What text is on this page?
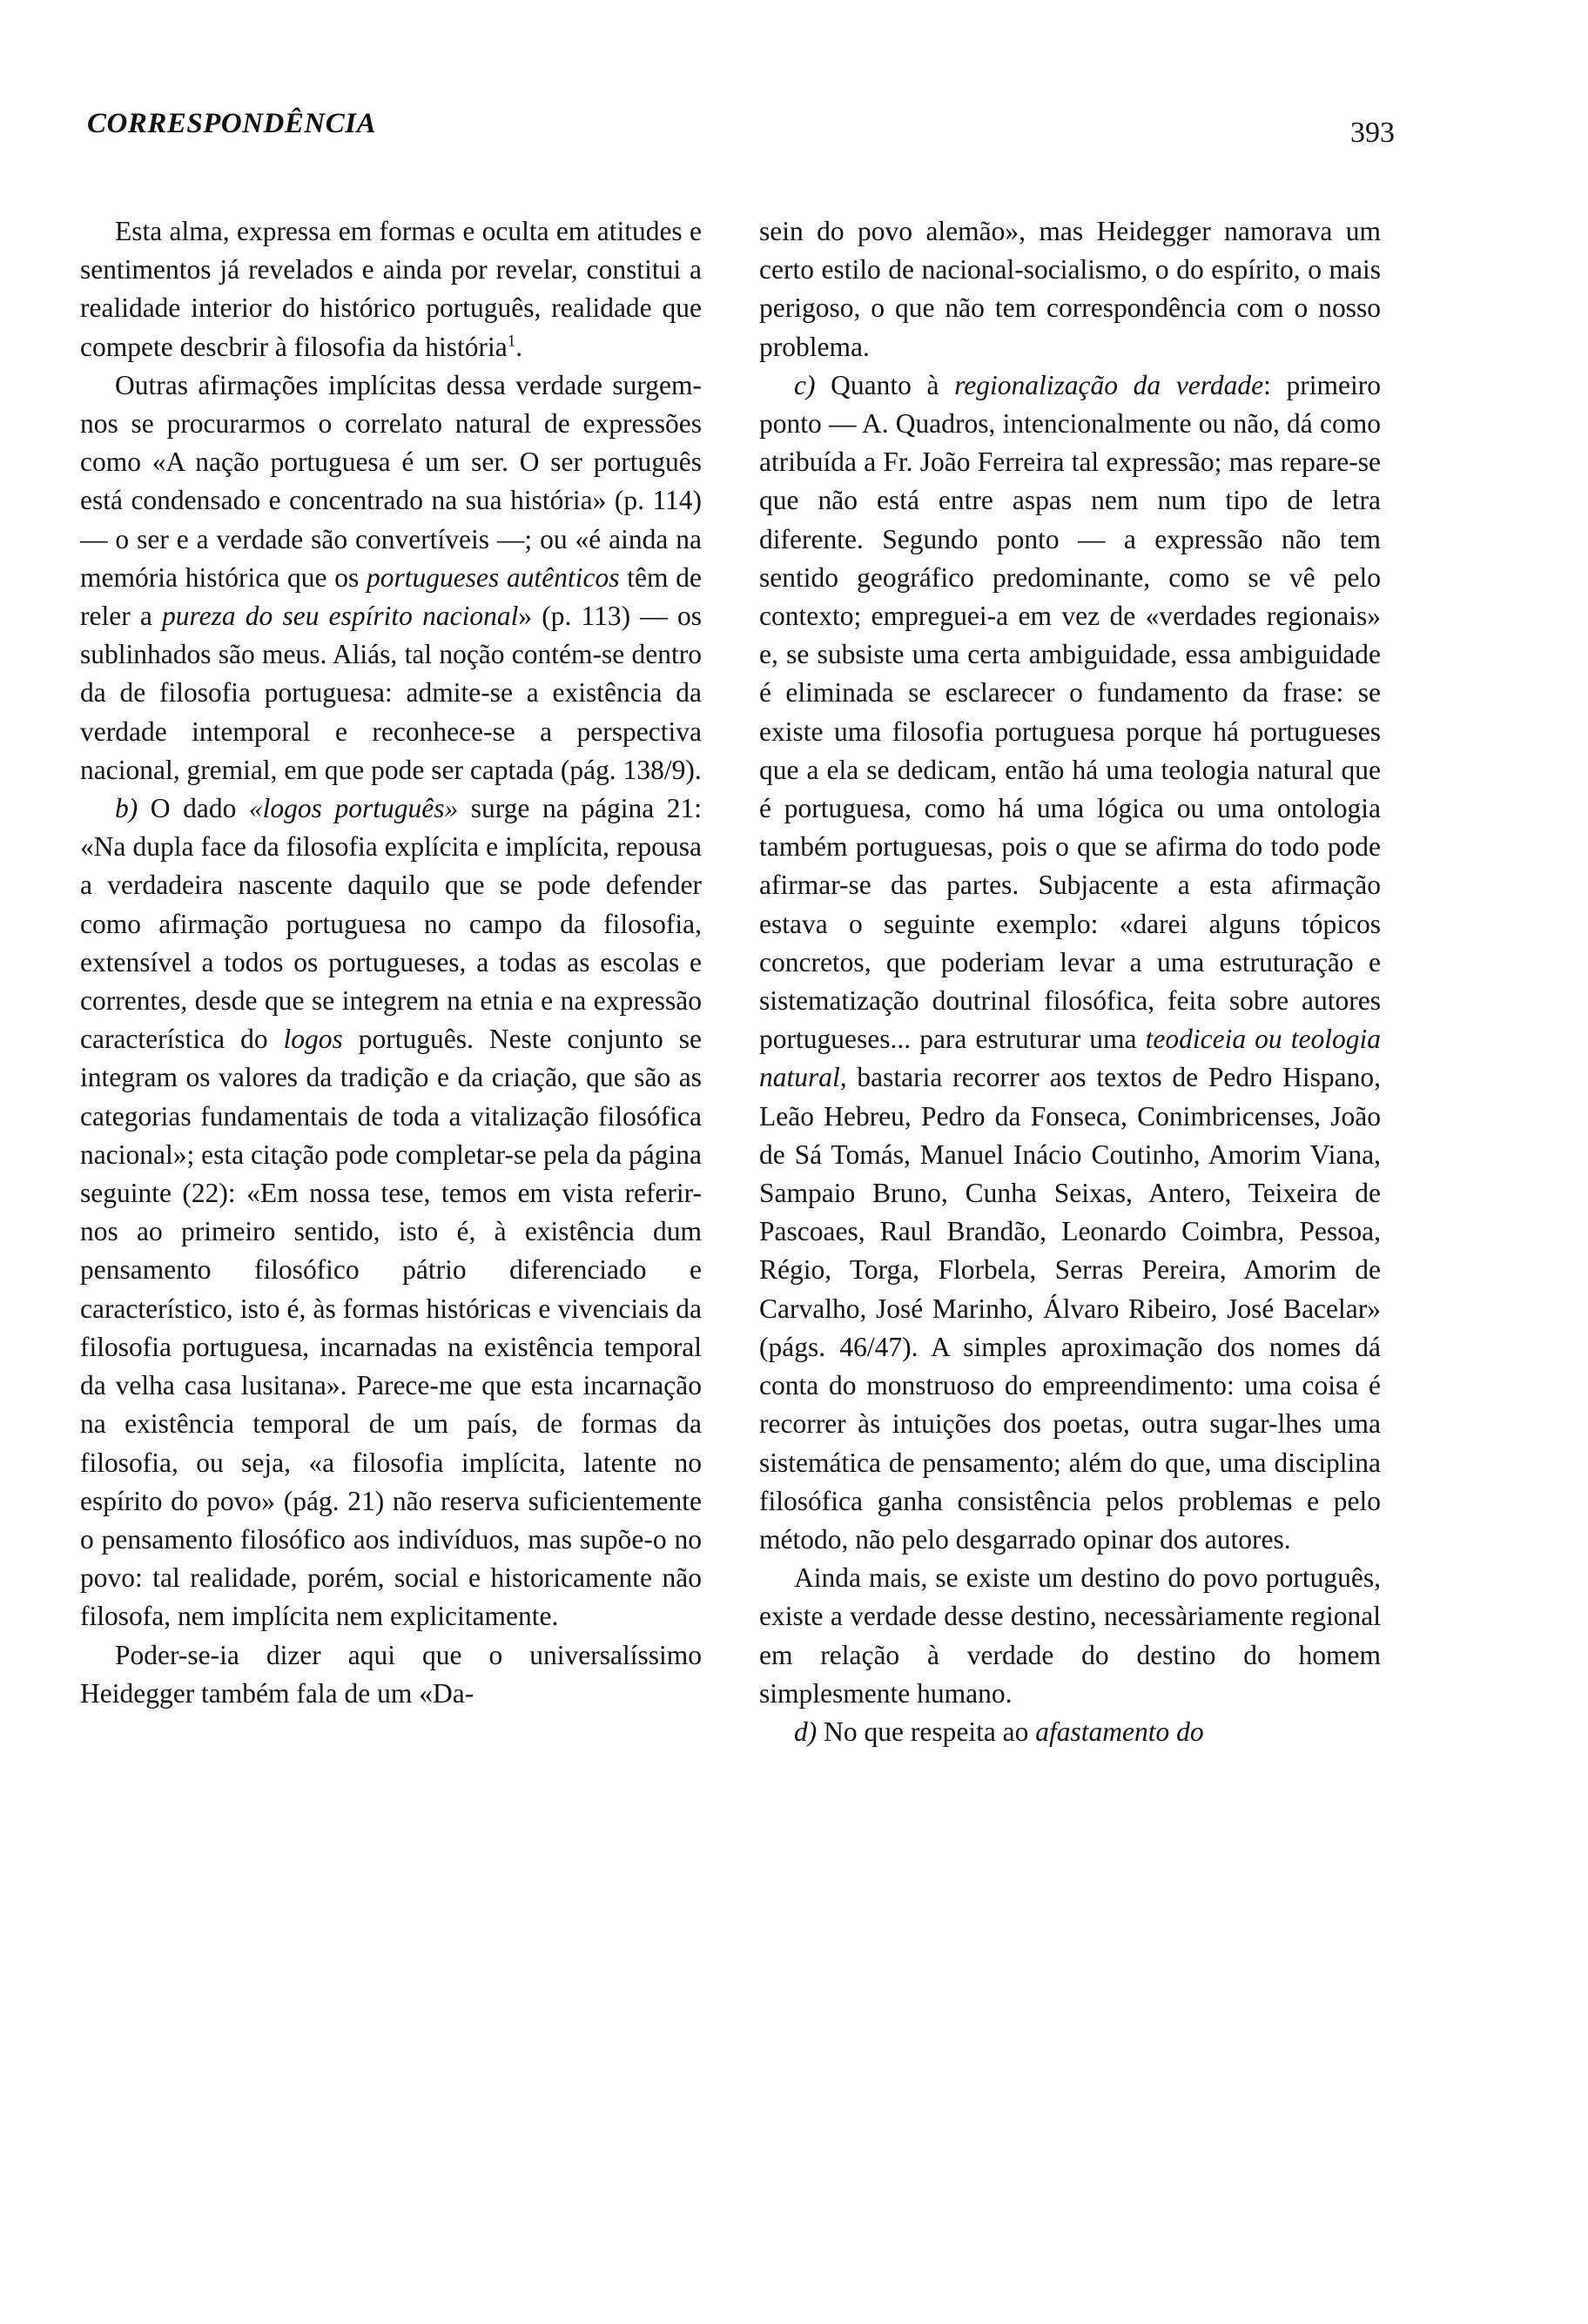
CORRESPONDÊNCIA	393

Esta alma, expressa em formas e oculta em atitudes e sentimentos já revelados e ainda por revelar, constitui a realidade interior do histórico português, realidade que compete descbrir à filosofia da história$^1$.

Outras afirmações implícitas dessa verdade surgem-nos se procurarmos o correlato natural de expressões como «A nação portuguesa é um ser. O ser português está condensado e concentrado na sua história» (p. 114) — o ser e a verdade são convertíveis —; ou «é ainda na memória histórica que os portugueses autênticos têm de reler a pureza do seu espírito nacional» (p. 113) — os sublinhados são meus. Aliás, tal noção contém-se dentro da de filosofia portuguesa: admite-se a existência da verdade intemporal e reconhece-se a perspectiva nacional, gremial, em que pode ser captada (pág. 138/9).

b) O dado «logos português» surge na página 21: «Na dupla face da filosofia explícita e implícita, repousa a verdadeira nascente daquilo que se pode defender como afirmação portuguesa no campo da filosofia, extensível a todos os portugueses, a todas as escolas e correntes, desde que se integrem na etnia e na expressão característica do logos português. Neste conjunto se integram os valores da tradição e da criação, que são as categorias fundamentais de toda a vitalização filosófica nacional»; esta citação pode completar-se pela da página seguinte (22): «Em nossa tese, temos em vista referir-nos ao primeiro sentido, isto é, à existência dum pensamento filosófico pátrio diferenciado e característico, isto é, às formas históricas e vivenciais da filosofia portuguesa, incarnadas na existência temporal da velha casa lusitana». Parece-me que esta incarnação na existência temporal de um país, de formas da filosofia, ou seja, «a filosofia implícita, latente no espírito do povo» (pág. 21) não reserva suficientemente o pensamento filosófico aos indivíduos, mas supõe-o no povo: tal realidade, porém, social e historicamente não filosofa, nem implícita nem explicitamente.

Poder-se-ia dizer aqui que o universalíssimo Heidegger também fala de um «Da-

sein do povo alemão», mas Heidegger namorava um certo estilo de nacional-socialismo, o do espírito, o mais perigoso, o que não tem correspondência com o nosso problema.

c) Quanto à regionalização da verdade: primeiro ponto — A. Quadros, intencionalmente ou não, dá como atribuída a Fr. João Ferreira tal expressão; mas repare-se que não está entre aspas nem num tipo de letra diferente. Segundo ponto — a expressão não tem sentido geográfico predominante, como se vê pelo contexto; empreguei-a em vez de «verdades regionais» e, se subsiste uma certa ambiguidade, essa ambiguidade é eliminada se esclarecer o fundamento da frase: se existe uma filosofia portuguesa porque há portugueses que a ela se dedicam, então há uma teologia natural que é portuguesa, como há uma lógica ou uma ontologia também portuguesas, pois o que se afirma do todo pode afirmar-se das partes. Subjacente a esta afirmação estava o seguinte exemplo: «darei alguns tópicos concretos, que poderiam levar a uma estruturação e sistematização doutrinal filosófica, feita sobre autores portugueses... para estruturar uma teodiceia ou teologia natural, bastaria recorrer aos textos de Pedro Hispano, Leão Hebreu, Pedro da Fonseca, Conimbricenses, João de Sá Tomás, Manuel Inácio Coutinho, Amorim Viana, Sampaio Bruno, Cunha Seixas, Antero, Teixeira de Pascoaes, Raul Brandão, Leonardo Coimbra, Pessoa, Régio, Torga, Florbela, Serras Pereira, Amorim de Carvalho, José Marinho, Álvaro Ribeiro, José Bacelar» (págs. 46/47). A simples aproximação dos nomes dá conta do monstruoso do empreendimento: uma coisa é recorrer às intuições dos poetas, outra sugar-lhes uma sistemática de pensamento; além do que, uma disciplina filosófica ganha consistência pelos problemas e pelo método, não pelo desgarrado opinar dos autores.

Ainda mais, se existe um destino do povo português, existe a verdade desse destino, necessàriamente regional em relação à verdade do destino do homem simplesmente humano.

d) No que respeita ao afastamento do
